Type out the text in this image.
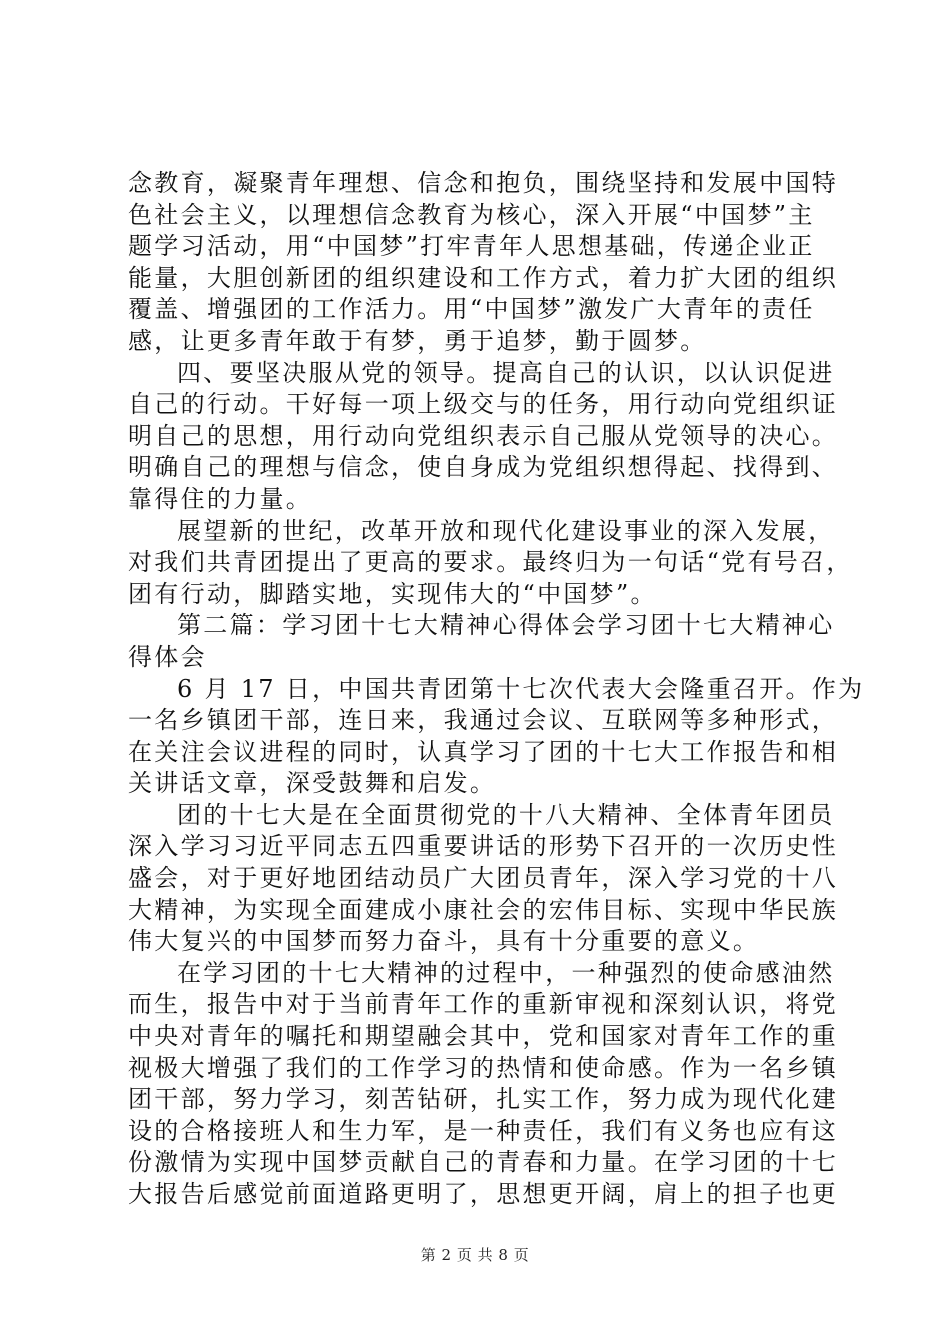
念教育，凝聚青年理想、信念和抱负，围绕坚持和发展中国特
色社会主义，以理想信念教育为核心，深入开展“中国梦”主
题学习活动，用“中国梦”打牢青年人思想基础，传递企业正
能量，大胆创新团的组织建设和工作方式，着力扩大团的组织
覆盖、增强团的工作活力。用“中国梦”激发广大青年的责任
感，让更多青年敢于有梦，勇于追梦，勤于圆梦。
四、要坚决服从党的领导。提高自己的认识，以认识促进
自己的行动。干好每一项上级交与的任务，用行动向党组织证
明自己的思想，用行动向党组织表示自己服从党领导的决心。
明确自己的理想与信念，使自身成为党组织想得起、找得到、
靠得住的力量。
展望新的世纪，改革开放和现代化建设事业的深入发展，
对我们共青团提出了更高的要求。最终归为一句话“党有号召，
团有行动，脚踏实地，实现伟大的“中国梦”。
第二篇：学习团十七大精神心得体会学习团十七大精神心
得体会
6 月 17 日，中国共青团第十七次代表大会隆重召开。作为
一名乡镇团干部，连日来，我通过会议、互联网等多种形式，
在关注会议进程的同时，认真学习了团的十七大工作报告和相
关讲话文章，深受鼓舞和启发。
团的十七大是在全面贯彻党的十八大精神、全体青年团员
深入学习习近平同志五四重要讲话的形势下召开的一次历史性
盛会，对于更好地团结动员广大团员青年，深入学习党的十八
大精神，为实现全面建成小康社会的宏伟目标、实现中华民族
伟大复兴的中国梦而努力奋斗，具有十分重要的意义。
在学习团的十七大精神的过程中，一种强烈的使命感油然
而生，报告中对于当前青年工作的重新审视和深刻认识，将党
中央对青年的嘱托和期望融会其中，党和国家对青年工作的重
视极大增强了我们的工作学习的热情和使命感。作为一名乡镇
团干部，努力学习，刻苦钻研，扎实工作，努力成为现代化建
设的合格接班人和生力军，是一种责任，我们有义务也应有这
份激情为实现中国梦贡献自己的青春和力量。在学习团的十七
大报告后感觉前面道路更明了，思想更开阔，肩上的担子也更
第 2 页 共 8 页
